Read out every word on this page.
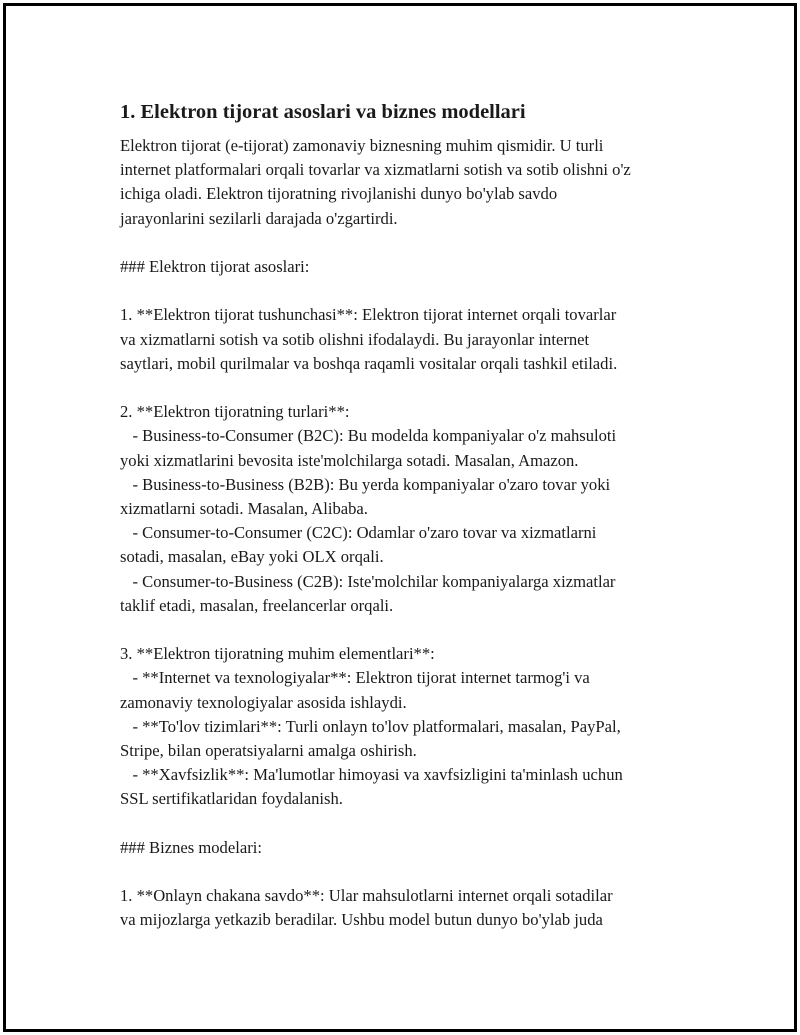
1. Elektron tijorat asoslari va biznes modellari

Elektron tijorat (e-tijorat) zamonaviy biznesning muhim qismidir. U turli
internet platformalari orqali tovarlar va xizmatlarni sotish va sotib olishni o'z
ichiga oladi. Elektron tijoratning rivojlanishi dunyo bo'ylab savdo
jarayonlarini sezilarli darajada o'zgartirdi.

### Elektron tijorat asoslari:

1. **Elektron tijorat tushunchasi**: Elektron tijorat internet orqali tovarlar
va xizmatlarni sotish va sotib olishni ifodalaydi. Bu jarayonlar internet
saytlari, mobil qurilmalar va boshqa raqamli vositalar orqali tashkil etiladi.

2. **Elektron tijoratning turlari**:
- Business-to-Consumer (B2C): Bu modelda kompaniyalar o'z mahsuloti
yoki xizmatlarini bevosita iste'molchilarga sotadi. Masalan, Amazon.
- Business-to-Business (B2B): Bu yerda kompaniyalar o'zaro tovar yoki
xizmatlarni sotadi. Masalan, Alibaba.
- Consumer-to-Consumer (C2C): Odamlar o'zaro tovar va xizmatlarni
sotadi, masalan, eBay yoki OLX orqali.
- Consumer-to-Business (C2B): Iste'molchilar kompaniyalarga xizmatlar
taklif etadi, masalan, freelancerlar orqali.

3. **Elektron tijoratning muhim elementlari**:
- **Internet va texnologiyalar**: Elektron tijorat internet tarmog'i va
zamonaviy texnologiyalar asosida ishlaydi.
- **To'lov tizimlari**: Turli onlayn to'lov platformalari, masalan, PayPal,
Stripe, bilan operatsiyalarni amalga oshirish.
- **Xavfsizlik**: Ma'lumotlar himoyasi va xavfsizligini ta'minlash uchun
SSL sertifikatlaridan foydalanish.

### Biznes modelari:

1. **Onlayn chakana savdo**: Ular mahsulotlarni internet orqali sotadilar
va mijozlarga yetkazib beradilar. Ushbu model butun dunyo bo'ylab juda
